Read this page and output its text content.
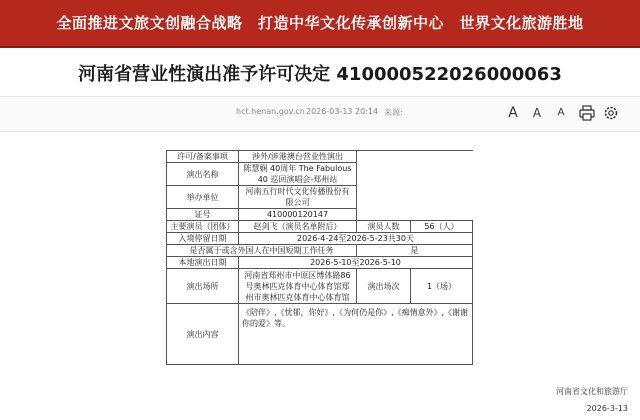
全面推进文旅文创融合战略　打造中华文化传承创新中心　世界文化旅游胜地
河南省营业性演出准予许可决定 410000522026000063
hct.henan.gov.cn 2026-03-13 20:14 来源:	A	A	A
许可/备案事项	涉外/涉港澳台营业性演出		
演出名称	陈慧娴 40周年 The Fabulous 40 巡回演唱会-郑州站		
举办单位	河南五行时代文化传播股份有限公司		
证号	410000120147		
主要演员（团体）	赵剑飞（演员名单附后）	演员人数	56（人）
入境停留日期	2026-4-24至2026-5-23共30天		
是否属于或含外国人在中国短期工作任务		是	
本地演出日期	2026-5-10至2026-5-10		
演出场所	河南省郑州市中原区博体路86号奥林匹克体育中心体育馆郑州市奥林匹克体育中心体育馆	演出场次	1（场）
演出内容	《陪伴》,《忧郁，你好》,《为何仍是你》,《痴情意外》,《谢谢你的爱》等。		
河南省文化和旅游厅
2026-3-13
